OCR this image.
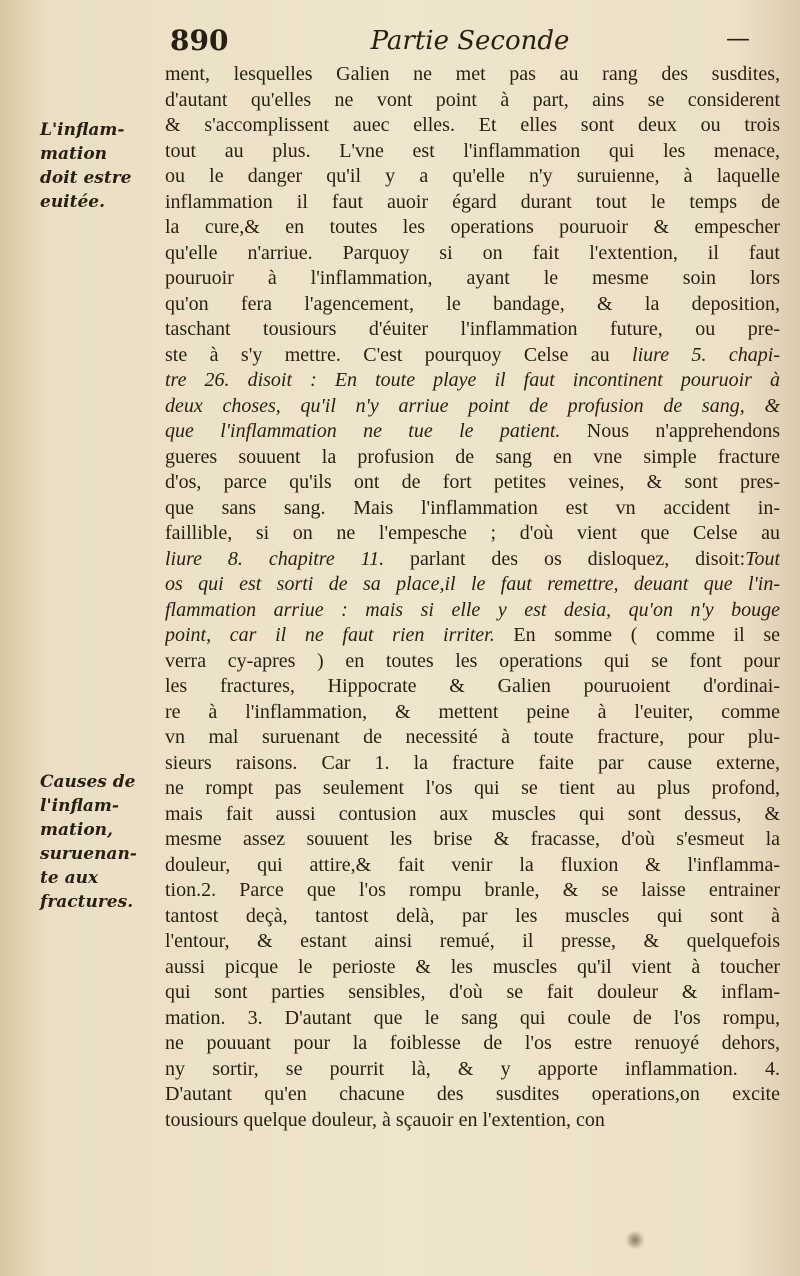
890	Partie Seconde	—
L'inflam-
mation
doit estre
euitée.
Causes de
l'inflam-
mation,
suruenan-
te aux
fractures.
ment, lesquelles Galien ne met pas au rang des susdites,
d'autant qu'elles ne vont point à part, ains se considerent
& s'accomplissent auec elles. Et elles sont deux ou trois
tout au plus. L'vne est l'inflammation qui les menace,
ou le danger qu'il y a qu'elle n'y suruienne, à laquelle
inflammation il faut auoir égard durant tout le temps de
la cure,& en toutes les operations pouruoir & empescher
qu'elle n'arriue. Parquoy si on fait l'extention, il faut
pouruoir à l'inflammation, ayant le mesme soin lors
qu'on fera l'agencement, le bandage, & la deposition,
taschant tousiours d'éuiter l'inflammation future, ou pre-
ste à s'y mettre. C'est pourquoy Celse au liure 5. chapi-
tre 26. disoit : En toute playe il faut incontinent pouruoir à
deux choses, qu'il n'y arriue point de profusion de sang, &
que l'inflammation ne tue le patient. Nous n'apprehendons
gueres souuent la profusion de sang en vne simple fracture
d'os, parce qu'ils ont de fort petites veines, & sont pres-
que sans sang. Mais l'inflammation est vn accident in-
faillible, si on ne l'empesche ; d'où vient que Celse au
liure 8. chapitre 11. parlant des os disloquez, disoit:Tout
os qui est sorti de sa place,il le faut remettre, deuant que l'in-
flammation arriue : mais si elle y est desia, qu'on n'y bouge
point, car il ne faut rien irriter. En somme ( comme il se
verra cy-apres ) en toutes les operations qui se font pour
les fractures, Hippocrate & Galien pouruoient d'ordinai-
re à l'inflammation, & mettent peine à l'euiter, comme
vn mal suruenant de necessité à toute fracture, pour plu-
sieurs raisons. Car 1. la fracture faite par cause externe,
ne rompt pas seulement l'os qui se tient au plus profond,
mais fait aussi contusion aux muscles qui sont dessus, &
mesme assez souuent les brise & fracasse, d'où s'esmeut la
douleur, qui attire,& fait venir la fluxion & l'inflamma-
tion.2. Parce que l'os rompu branle, & se laisse entrainer
tantost deçà, tantost delà, par les muscles qui sont à
l'entour, & estant ainsi remué, il presse, & quelquefois
aussi picque le perioste & les muscles qu'il vient à toucher
qui sont parties sensibles, d'où se fait douleur & inflam-
mation. 3. D'autant que le sang qui coule de l'os rompu,
ne pouuant pour la foiblesse de l'os estre renuoyé dehors,
ny sortir, se pourrit là, & y apporte inflammation. 4.
D'autant qu'en chacune des susdites operations,on excite
tousiours quelque douleur, à sçauoir en l'extention, con
